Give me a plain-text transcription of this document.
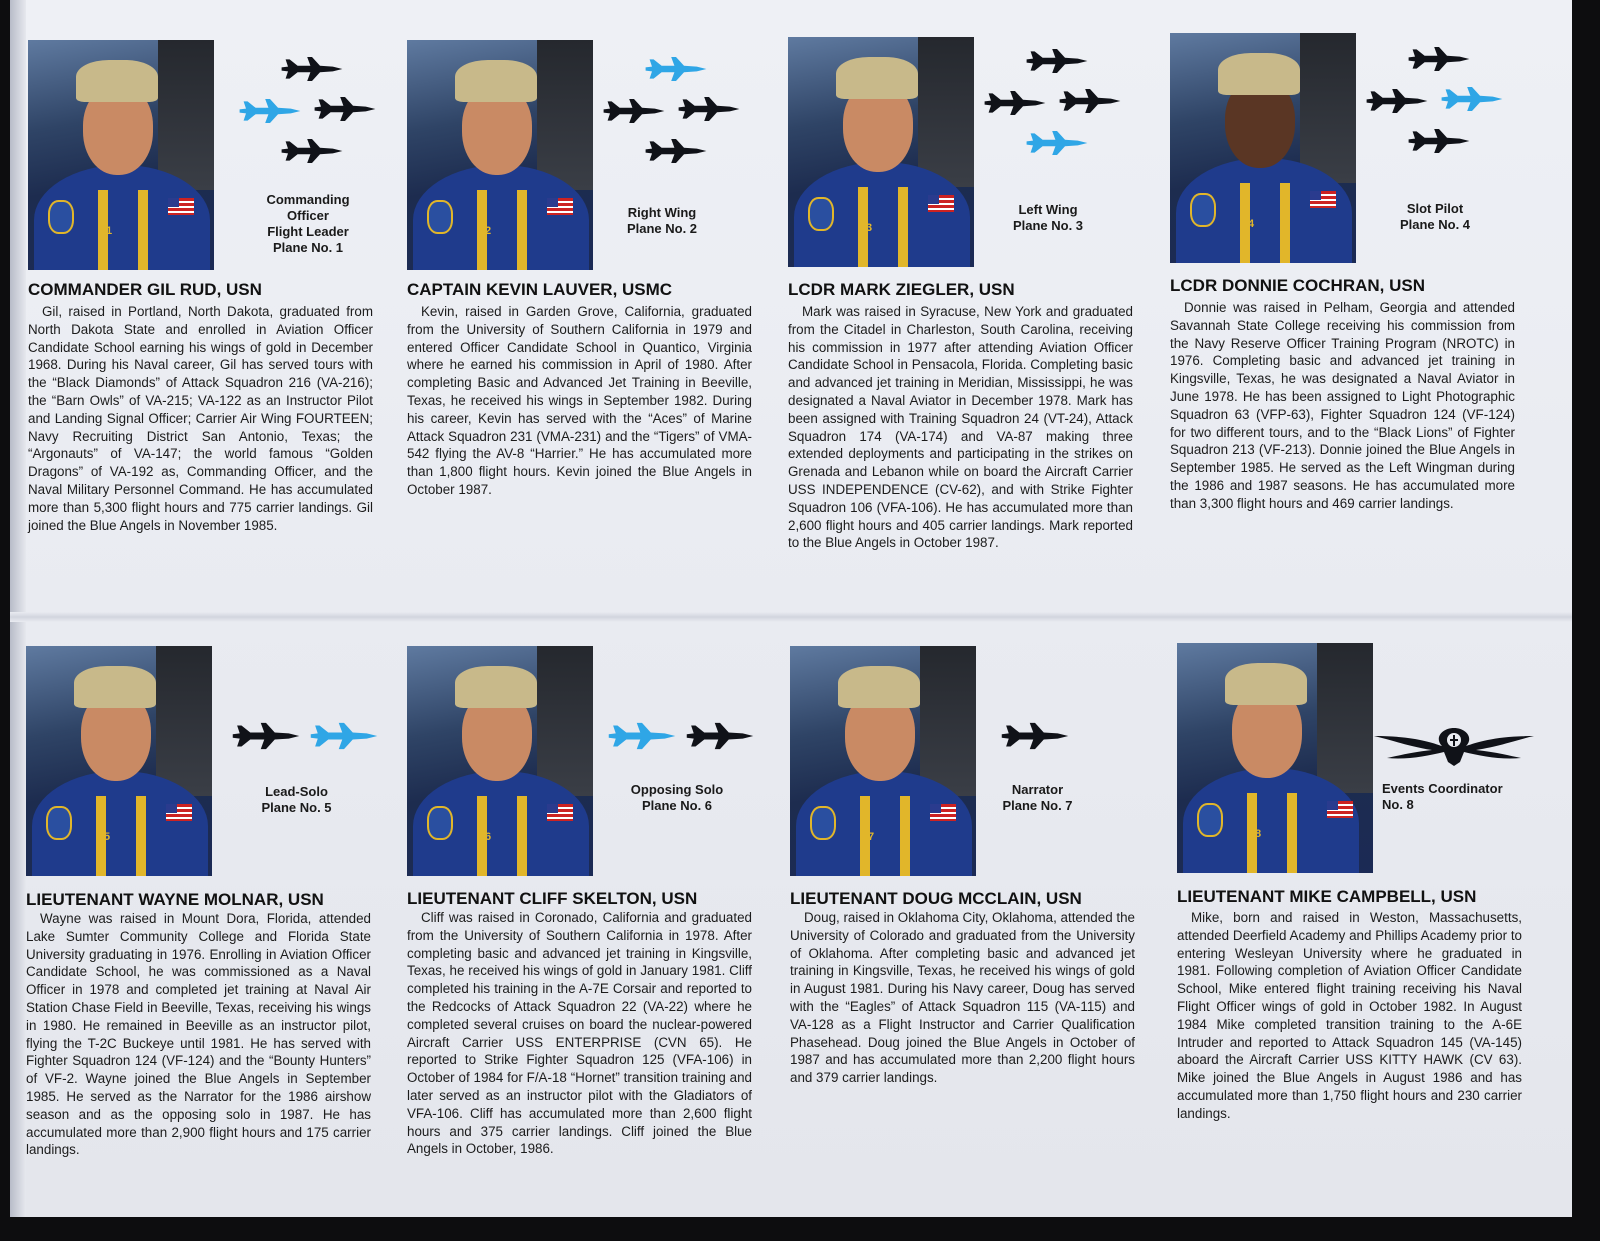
1
Commanding
Officer
Flight Leader
Plane No. 1
COMMANDER GIL RUD, USN

Gil, raised in Portland, North Dakota, graduated from North Dakota State and enrolled in Aviation Officer Candidate School earning his wings of gold in December 1968. During his Naval career, Gil has served tours with the “Black Diamonds” of Attack Squadron 216 (VA-216); the “Barn Owls” of VA-215; VA-122 as an Instructor Pilot and Landing Signal Officer; Carrier Air Wing FOURTEEN; Navy Recruiting District San Antonio, Texas; the “Argonauts” of VA-147; the world famous “Golden Dragons” of VA-192 as, Commanding Officer, and the Naval Military Personnel Command. He has accumulated more than 5,300 flight hours and 775 carrier landings. Gil joined the Blue Angels in November 1985.

2
Right Wing
Plane No. 2
CAPTAIN KEVIN LAUVER, USMC

Kevin, raised in Garden Grove, California, graduated from the University of Southern California in 1979 and entered Officer Candidate School in Quantico, Virginia where he earned his commission in April of 1980. After completing Basic and Advanced Jet Training in Beeville, Texas, he received his wings in September 1982. During his career, Kevin has served with the “Aces” of Marine Attack Squadron 231 (VMA-231) and the “Tigers” of VMA-542 flying the AV-8 “Harrier.” He has accumulated more than 1,800 flight hours. Kevin joined the Blue Angels in October 1987.

3
Left Wing
Plane No. 3
LCDR MARK ZIEGLER, USN

Mark was raised in Syracuse, New York and graduated from the Citadel in Charleston, South Carolina, receiving his commission in 1977 after attending Aviation Officer Candidate School in Pensacola, Florida. Completing basic and advanced jet training in Meridian, Mississippi, he was designated a Naval Aviator in December 1978. Mark has been assigned with Training Squadron 24 (VT-24), Attack Squadron 174 (VA-174) and VA-87 making three extended deployments and participating in the strikes on Grenada and Lebanon while on board the Aircraft Carrier USS INDEPENDENCE (CV-62), and with Strike Fighter Squadron 106 (VFA-106). He has accumulated more than 2,600 flight hours and 405 carrier landings. Mark reported to the Blue Angels in October 1987.

4
Slot Pilot
Plane No. 4
LCDR DONNIE COCHRAN, USN

Donnie was raised in Pelham, Georgia and attended Savannah State College receiving his commission from the Navy Reserve Officer Training Program (NROTC) in 1976. Completing basic and advanced jet training in Kingsville, Texas, he was designated a Naval Aviator in June 1978. He has been assigned to Light Photographic Squadron 63 (VFP-63), Fighter Squadron 124 (VF-124) for two different tours, and to the “Black Lions” of Fighter Squadron 213 (VF-213). Donnie joined the Blue Angels in September 1985. He served as the Left Wingman during the 1986 and 1987 seasons. He has accumulated more than 3,300 flight hours and 469 carrier landings.

5
Lead-Solo
Plane No. 5
LIEUTENANT WAYNE MOLNAR, USN

Wayne was raised in Mount Dora, Florida, attended Lake Sumter Community College and Florida State University graduating in 1976. Enrolling in Aviation Officer Candidate School, he was commissioned as a Naval Officer in 1978 and completed jet training at Naval Air Station Chase Field in Beeville, Texas, receiving his wings in 1980. He remained in Beeville as an instructor pilot, flying the T-2C Buckeye until 1981. He has served with Fighter Squadron 124 (VF-124) and the “Bounty Hunters” of VF-2. Wayne joined the Blue Angels in September 1985. He served as the Narrator for the 1986 airshow season and as the opposing solo in 1987. He has accumulated more than 2,900 flight hours and 175 carrier landings.

6
Opposing Solo
Plane No. 6
LIEUTENANT CLIFF SKELTON, USN

Cliff was raised in Coronado, California and graduated from the University of Southern California in 1978. After completing basic and advanced jet training in Kingsville, Texas, he received his wings of gold in January 1981. Cliff completed his training in the A-7E Corsair and reported to the Redcocks of Attack Squadron 22 (VA-22) where he completed several cruises on board the nuclear-powered Aircraft Carrier USS ENTERPRISE (CVN 65). He reported to Strike Fighter Squadron 125 (VFA-106) in October of 1984 for F/A-18 “Hornet” transition training and later served as an instructor pilot with the Gladiators of VFA-106. Cliff has accumulated more than 2,600 flight hours and 375 carrier landings. Cliff joined the Blue Angels in October, 1986.

7
Narrator
Plane No. 7
LIEUTENANT DOUG MCCLAIN, USN

Doug, raised in Oklahoma City, Oklahoma, attended the University of Colorado and graduated from the University of Oklahoma. After completing basic and advanced jet training in Kingsville, Texas, he received his wings of gold in August 1981. During his Navy career, Doug has served with the “Eagles” of Attack Squadron 115 (VA-115) and VA-128 as a Flight Instructor and Carrier Qualification Phasehead. Doug joined the Blue Angels in October of 1987 and has accumulated more than 2,200 flight hours and 379 carrier landings.

8
Events Coordinator
No. 8
LIEUTENANT MIKE CAMPBELL, USN

Mike, born and raised in Weston, Massachusetts, attended Deerfield Academy and Phillips Academy prior to entering Wesleyan University where he graduated in 1981. Following completion of Aviation Officer Candidate School, Mike entered flight training receiving his Naval Flight Officer wings of gold in October 1982. In August 1984 Mike completed transition training to the A-6E Intruder and reported to Attack Squadron 145 (VA-145) aboard the Aircraft Carrier USS KITTY HAWK (CV 63). Mike joined the Blue Angels in August 1986 and has accumulated more than 1,750 flight hours and 230 carrier landings.
